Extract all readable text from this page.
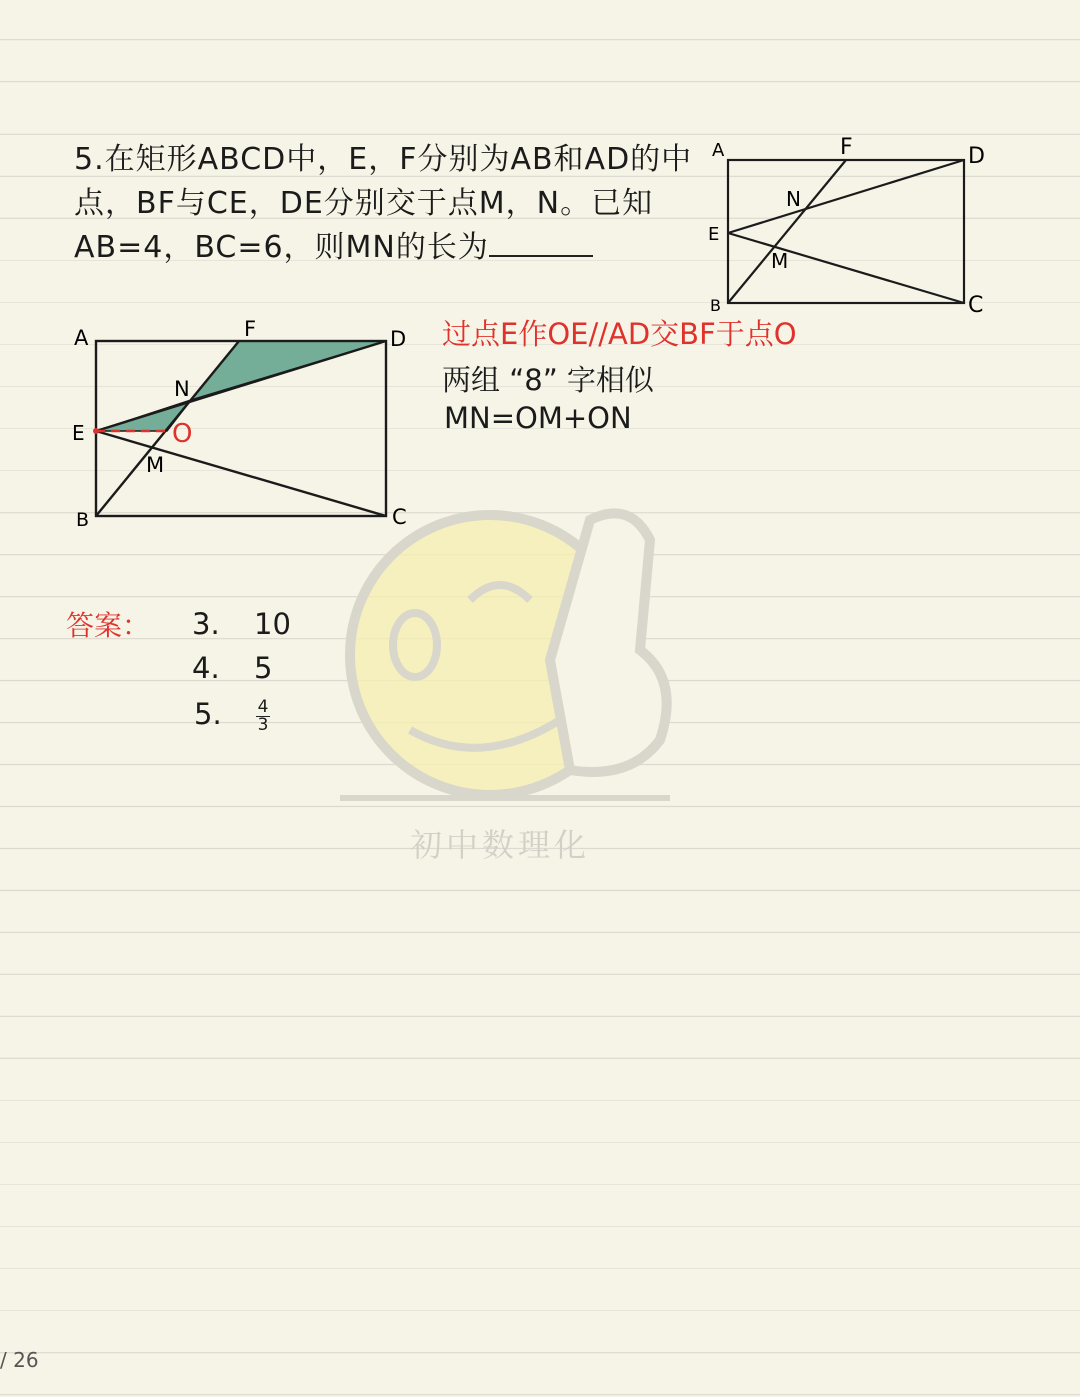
初中数理化
5.在矩形ABCD中，E，F分别为AB和AD的中
点，BF与CE，DE分别交于点M，N。已知
AB=4，BC=6，则MN的长为
A	F	D
N
E
M
B	C
A	F	D
N
E	O
M
B	C
过点E作OE//AD交BF于点O
两组 “8” 字相似
MN=OM+ON
答案： 3. 10
4. 5
5. $\frac{4}{3}$
/ 26
